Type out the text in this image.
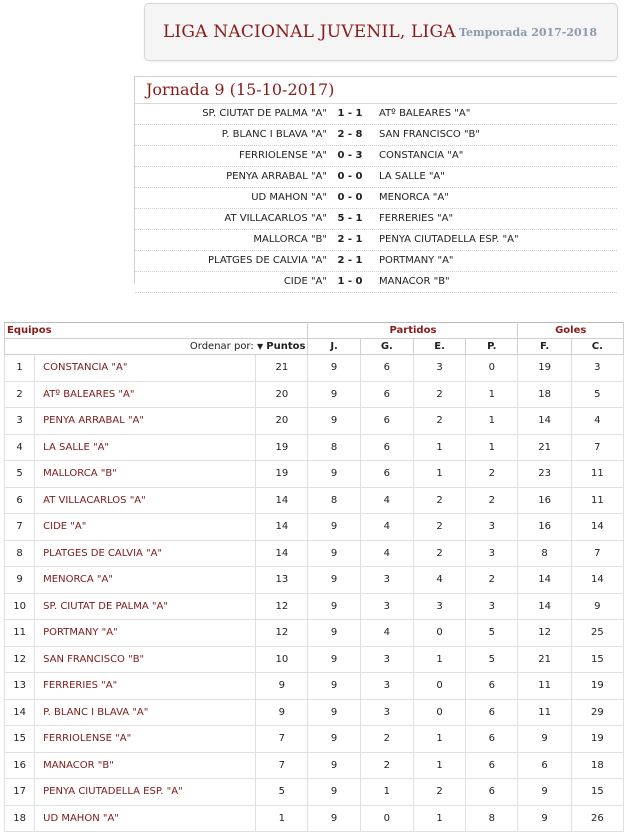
LIGA NACIONAL JUVENIL, LIGA Temporada 2017-2018
Jornada 9 (15-10-2017)
SP. CIUTAT DE PALMA "A"	1 - 1	ATº BALEARES "A"
P. BLANC I BLAVA "A"	2 - 8	SAN FRANCISCO "B"
FERRIOLENSE "A"	0 - 3	CONSTANCIA "A"
PENYA ARRABAL "A"	0 - 0	LA SALLE "A"
UD MAHON "A"	0 - 0	MENORCA "A"
AT VILLACARLOS "A"	5 - 1	FERRERIES "A"
MALLORCA "B"	2 - 1	PENYA CIUTADELLA ESP. "A"
PLATGES DE CALVIA "A"	2 - 1	PORTMANY "A"
CIDE "A"	1 - 0	MANACOR "B"
Equipos			Partidos				Goles	
Ordenar por: ▼ Puntos			J.	G.	E.	P.	F.	C.
1	CONSTANCIA "A"	21	9	6	3	0	19	3
2	ATº BALEARES "A"	20	9	6	2	1	18	5
3	PENYA ARRABAL "A"	20	9	6	2	1	14	4
4	LA SALLE "A"	19	8	6	1	1	21	7
5	MALLORCA "B"	19	9	6	1	2	23	11
6	AT VILLACARLOS "A"	14	8	4	2	2	16	11
7	CIDE "A"	14	9	4	2	3	16	14
8	PLATGES DE CALVIA "A"	14	9	4	2	3	8	7
9	MENORCA "A"	13	9	3	4	2	14	14
10	SP. CIUTAT DE PALMA "A"	12	9	3	3	3	14	9
11	PORTMANY "A"	12	9	4	0	5	12	25
12	SAN FRANCISCO "B"	10	9	3	1	5	21	15
13	FERRERIES "A"	9	9	3	0	6	11	19
14	P. BLANC I BLAVA "A"	9	9	3	0	6	11	29
15	FERRIOLENSE "A"	7	9	2	1	6	9	19
16	MANACOR "B"	7	9	2	1	6	6	18
17	PENYA CIUTADELLA ESP. "A"	5	9	1	2	6	9	15
18	UD MAHON "A"	1	9	0	1	8	9	26
